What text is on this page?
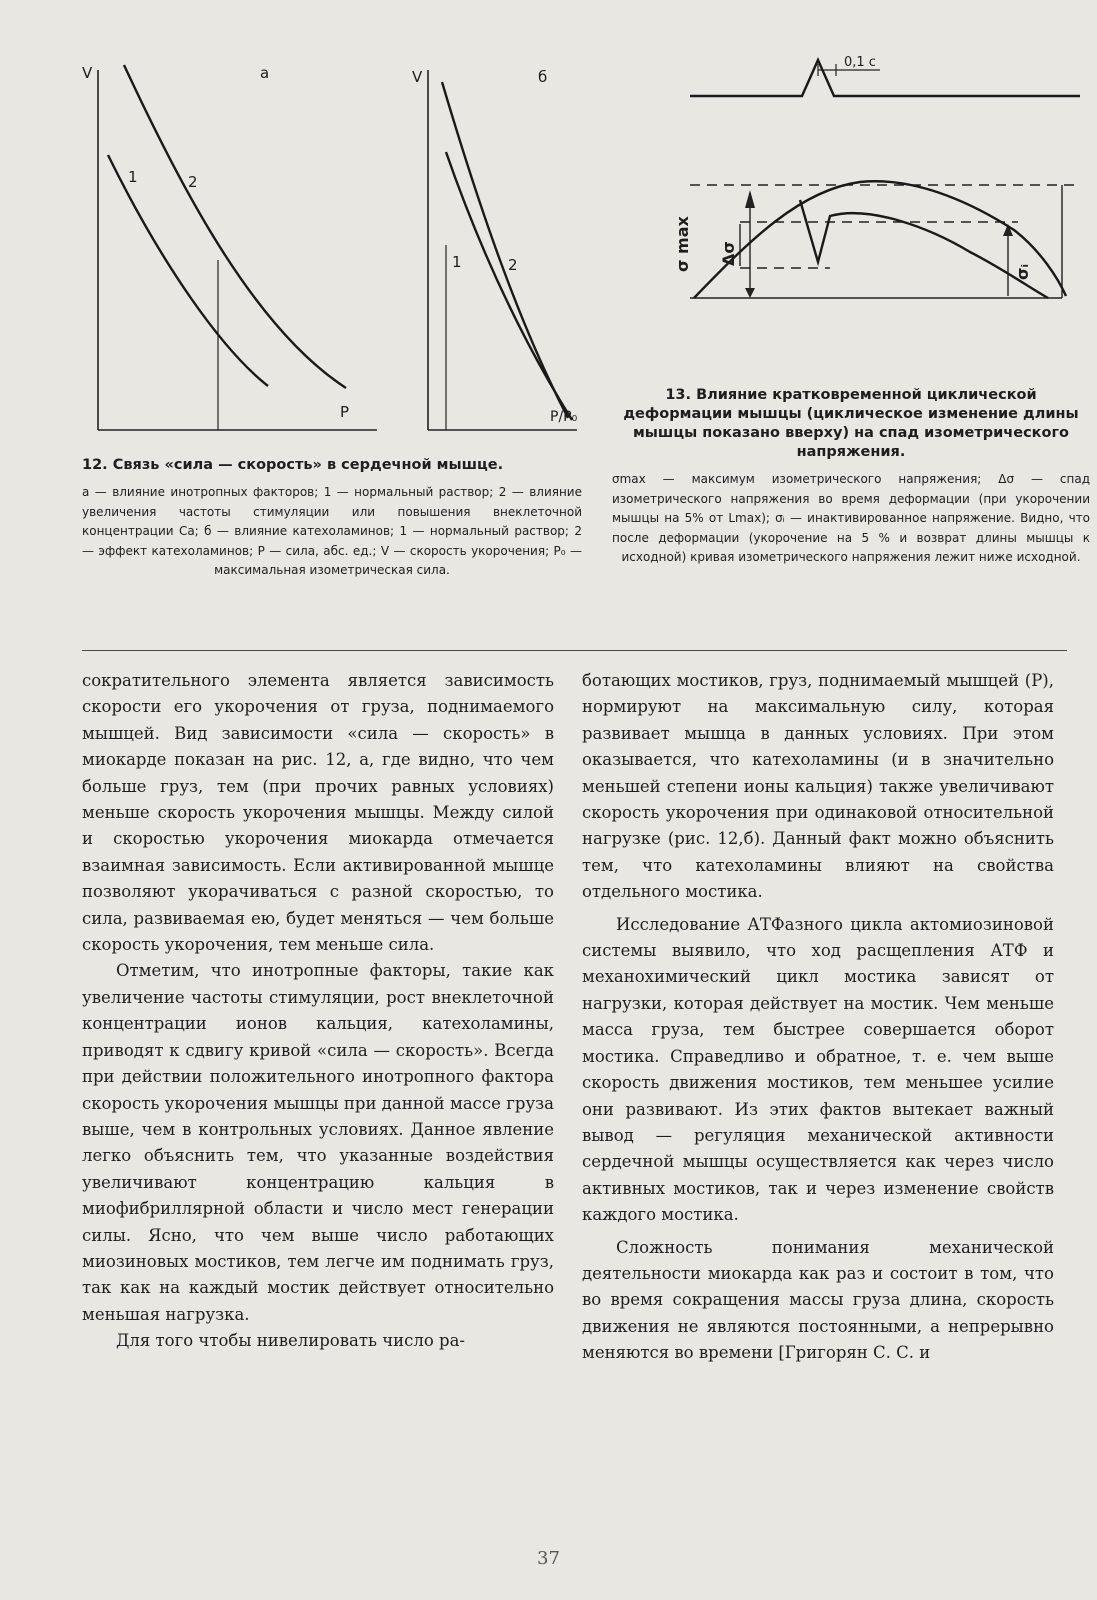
V	а
P
1	2
V	б
P/P₀
1	2
0,1 с
σ max Δσ
σᵢ

12. Связь «сила — скорость» в сердечной мышце.

а — влияние инотропных факторов; 1 — нормальный раствор; 2 — влияние увеличения частоты стимуляции или повышения внеклеточной концентрации Са; б — влияние катехоламинов; 1 — нормальный раствор; 2 — эффект катехоламинов; Р — сила, абс. ед.; V — скорость укорочения; Р₀ — максимальная изометрическая сила.

13. Влияние кратковременной циклической деформации мышцы (циклическое изменение длины мышцы показано вверху) на спад изометрического напряжения.

σmax — максимум изометрического напряжения; Δσ — спад изометрического напряжения во время деформации (при укорочении мышцы на 5% от Lmax); σᵢ — инактивированное напряжение. Видно, что после деформации (укорочение на 5 % и возврат длины мышцы к исходной) кривая изометрического напряжения лежит ниже исходной.

сократительного элемента является зависимость скорости его укорочения от груза, поднимаемого мышцей. Вид зависимости «сила — скорость» в миокарде показан на рис. 12, а, где видно, что чем больше груз, тем (при прочих равных условиях) меньше скорость укорочения мышцы. Между силой и скоростью укорочения миокарда отмечается взаимная зависимость. Если активированной мышце позволяют укорачиваться с разной скоростью, то сила, развиваемая ею, будет меняться — чем больше скорость укорочения, тем меньше сила.

Отметим, что инотропные факторы, такие как увеличение частоты стимуляции, рост внеклеточной концентрации ионов кальция, катехоламины, приводят к сдвигу кривой «сила — скорость». Всегда при действии положительного инотропного фактора скорость укорочения мышцы при данной массе груза выше, чем в контрольных условиях. Данное явление легко объяснить тем, что указанные воздействия увеличивают концентрацию кальция в миофибриллярной области и число мест генерации силы. Ясно, что чем выше число работающих миозиновых мостиков, тем легче им поднимать груз, так как на каждый мостик действует относительно меньшая нагрузка.

Для того чтобы нивелировать число ра-

ботающих мостиков, груз, поднимаемый мышцей (Р), нормируют на максимальную силу, которая развивает мышца в данных условиях. При этом оказывается, что катехоламины (и в значительно меньшей степени ионы кальция) также увеличивают скорость укорочения при одинаковой относительной нагрузке (рис. 12,б). Данный факт можно объяснить тем, что катехоламины влияют на свойства отдельного мостика.

Исследование АТФазного цикла актомиозиновой системы выявило, что ход расщепления АТФ и механохимический цикл мостика зависят от нагрузки, которая действует на мостик. Чем меньше масса груза, тем быстрее совершается оборот мостика. Справедливо и обратное, т. е. чем выше скорость движения мостиков, тем меньшее усилие они развивают. Из этих фактов вытекает важный вывод — регуляция механической активности сердечной мышцы осуществляется как через число активных мостиков, так и через изменение свойств каждого мостика.

Сложность понимания механической деятельности миокарда как раз и состоит в том, что во время сокращения массы груза длина, скорость движения не являются постоянными, а непрерывно меняются во времени [Григорян С. С. и

37
